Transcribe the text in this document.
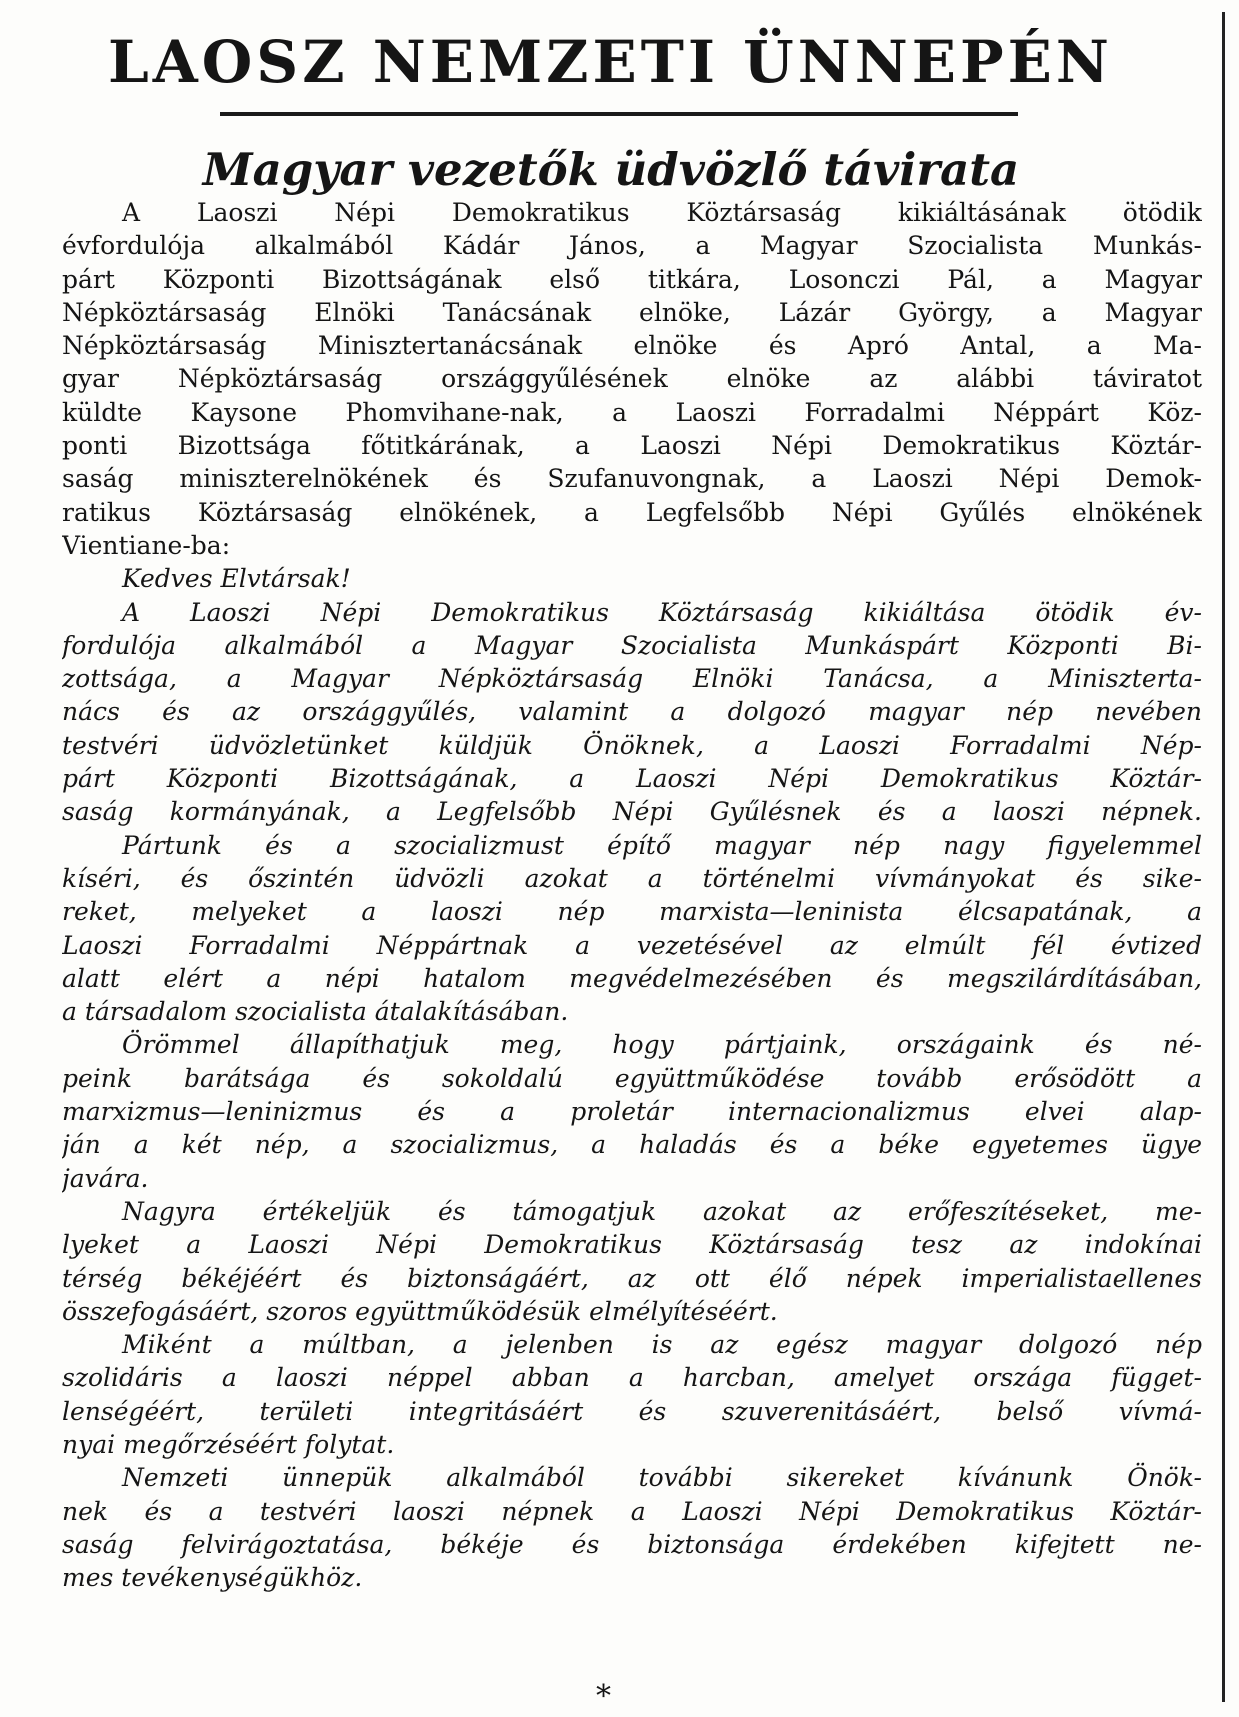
LAOSZ NEMZETI ÜNNEPÉN
Magyar vezetők üdvözlő távirata
A Laoszi Népi Demokratikus Köztársaság kikiáltásának ötödik
évfordulója alkalmából Kádár János, a Magyar Szocialista Munkás-
párt Központi Bizottságának első titkára, Losonczi Pál, a Magyar
Népköztársaság Elnöki Tanácsának elnöke, Lázár György, a Magyar
Népköztársaság Minisztertanácsának elnöke és Apró Antal, a Ma-
gyar Népköztársaság országgyűlésének elnöke az alábbi táviratot
küldte Kaysone Phomvihane-nak, a Laoszi Forradalmi Néppárt Köz-
ponti Bizottsága főtitkárának, a Laoszi Népi Demokratikus Köztár-
saság miniszterelnökének és Szufanuvongnak, a Laoszi Népi Demok-
ratikus Köztársaság elnökének, a Legfelsőbb Népi Gyűlés elnökének
Vientiane-ba:
Kedves Elvtársak!
A Laoszi Népi Demokratikus Köztársaság kikiáltása ötödik év-
fordulója alkalmából a Magyar Szocialista Munkáspárt Központi Bi-
zottsága, a Magyar Népköztársaság Elnöki Tanácsa, a Miniszterta-
nács és az országgyűlés, valamint a dolgozó magyar nép nevében
testvéri üdvözletünket küldjük Önöknek, a Laoszi Forradalmi Nép-
párt Központi Bizottságának, a Laoszi Népi Demokratikus Köztár-
saság kormányának, a Legfelsőbb Népi Gyűlésnek és a laoszi népnek.
Pártunk és a szocializmust építő magyar nép nagy figyelemmel
kíséri, és őszintén üdvözli azokat a történelmi vívmányokat és sike-
reket, melyeket a laoszi nép marxista—leninista élcsapatának, a
Laoszi Forradalmi Néppártnak a vezetésével az elmúlt fél évtized
alatt elért a népi hatalom megvédelmezésében és megszilárdításában,
a társadalom szocialista átalakításában.
Örömmel állapíthatjuk meg, hogy pártjaink, országaink és né-
peink barátsága és sokoldalú együttműködése tovább erősödött a
marxizmus—leninizmus és a proletár internacionalizmus elvei alap-
ján a két nép, a szocializmus, a haladás és a béke egyetemes ügye
javára.
Nagyra értékeljük és támogatjuk azokat az erőfeszítéseket, me-
lyeket a Laoszi Népi Demokratikus Köztársaság tesz az indokínai
térség békéjéért és biztonságáért, az ott élő népek imperialistaellenes
összefogásáért, szoros együttműködésük elmélyítéséért.
Miként a múltban, a jelenben is az egész magyar dolgozó nép
szolidáris a laoszi néppel abban a harcban, amelyet országa függet-
lenségéért, területi integritásáért és szuverenitásáért, belső vívmá-
nyai megőrzéséért folytat.
Nemzeti ünnepük alkalmából további sikereket kívánunk Önök-
nek és a testvéri laoszi népnek a Laoszi Népi Demokratikus Köztár-
saság felvirágoztatása, békéje és biztonsága érdekében kifejtett ne-
mes tevékenységükhöz.
*
